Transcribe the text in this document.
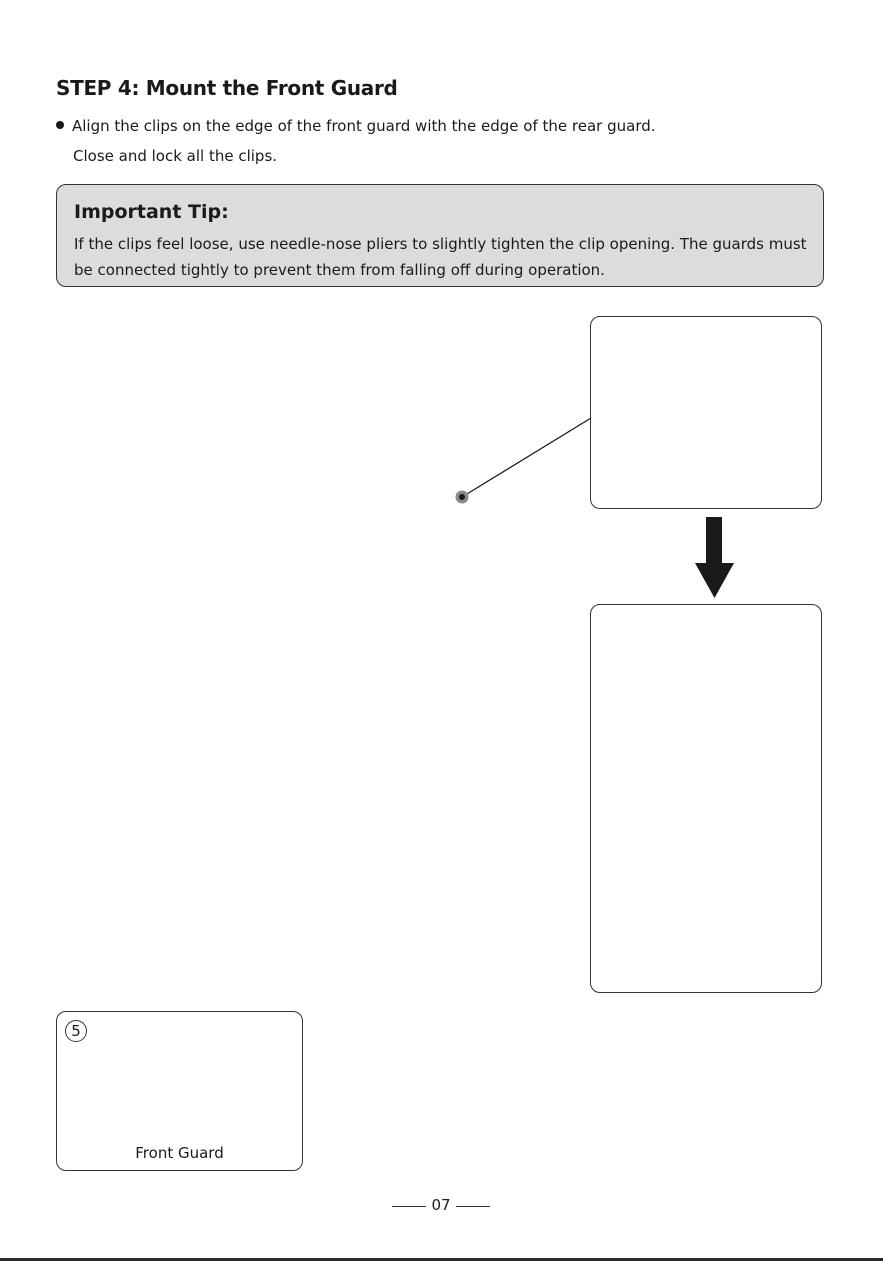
STEP 4: Mount the Front Guard
Align the clips on the edge of the front guard with the edge of the rear guard.
Close and lock all the clips.
Important Tip:
If the clips feel loose, use needle-nose pliers to slightly tighten the clip opening. The guards must be connected tightly to prevent them from falling off during operation.
5
Front Guard
07
